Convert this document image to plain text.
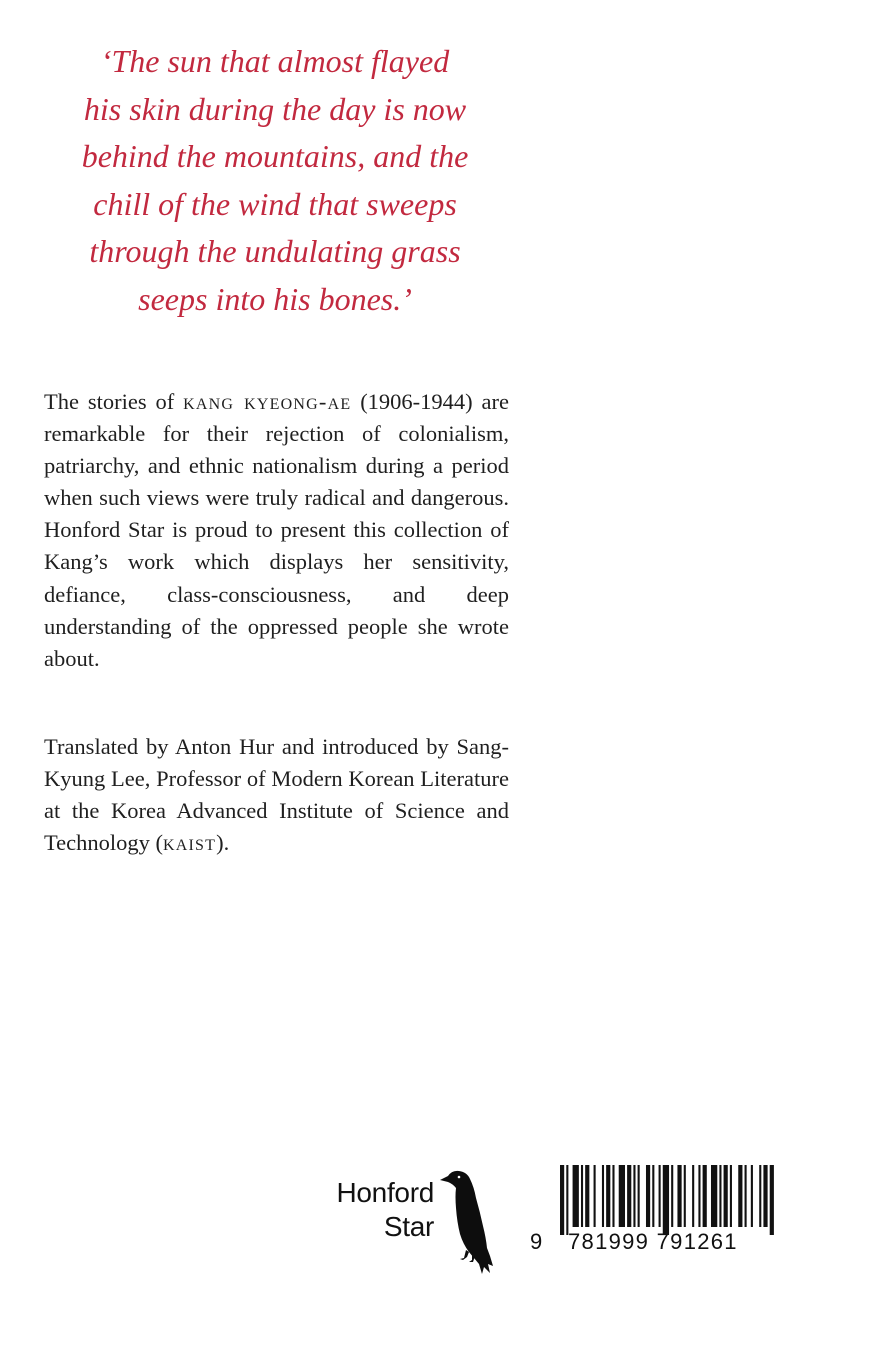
‘The sun that almost flayed
his skin during the day is now
behind the mountains, and the
chill of the wind that sweeps
through the undulating grass
seeps into his bones.’

The stories of kang kyeong-ae (1906-1944) are remarkable for their rejection of colonialism, patriarchy, and ethnic nationalism during a period when such views were truly radical and dangerous. Honford Star is proud to present this collection of Kang’s work which displays her sensitivity, defiance, class-consciousness, and deep understanding of the oppressed people she wrote about.

Translated by Anton Hur and introduced by Sang-Kyung Lee, Professor of Modern Korean Literature at the Korea Advanced Institute of Science and Technology (kaist).

Honford
Star	9 781999 791261
